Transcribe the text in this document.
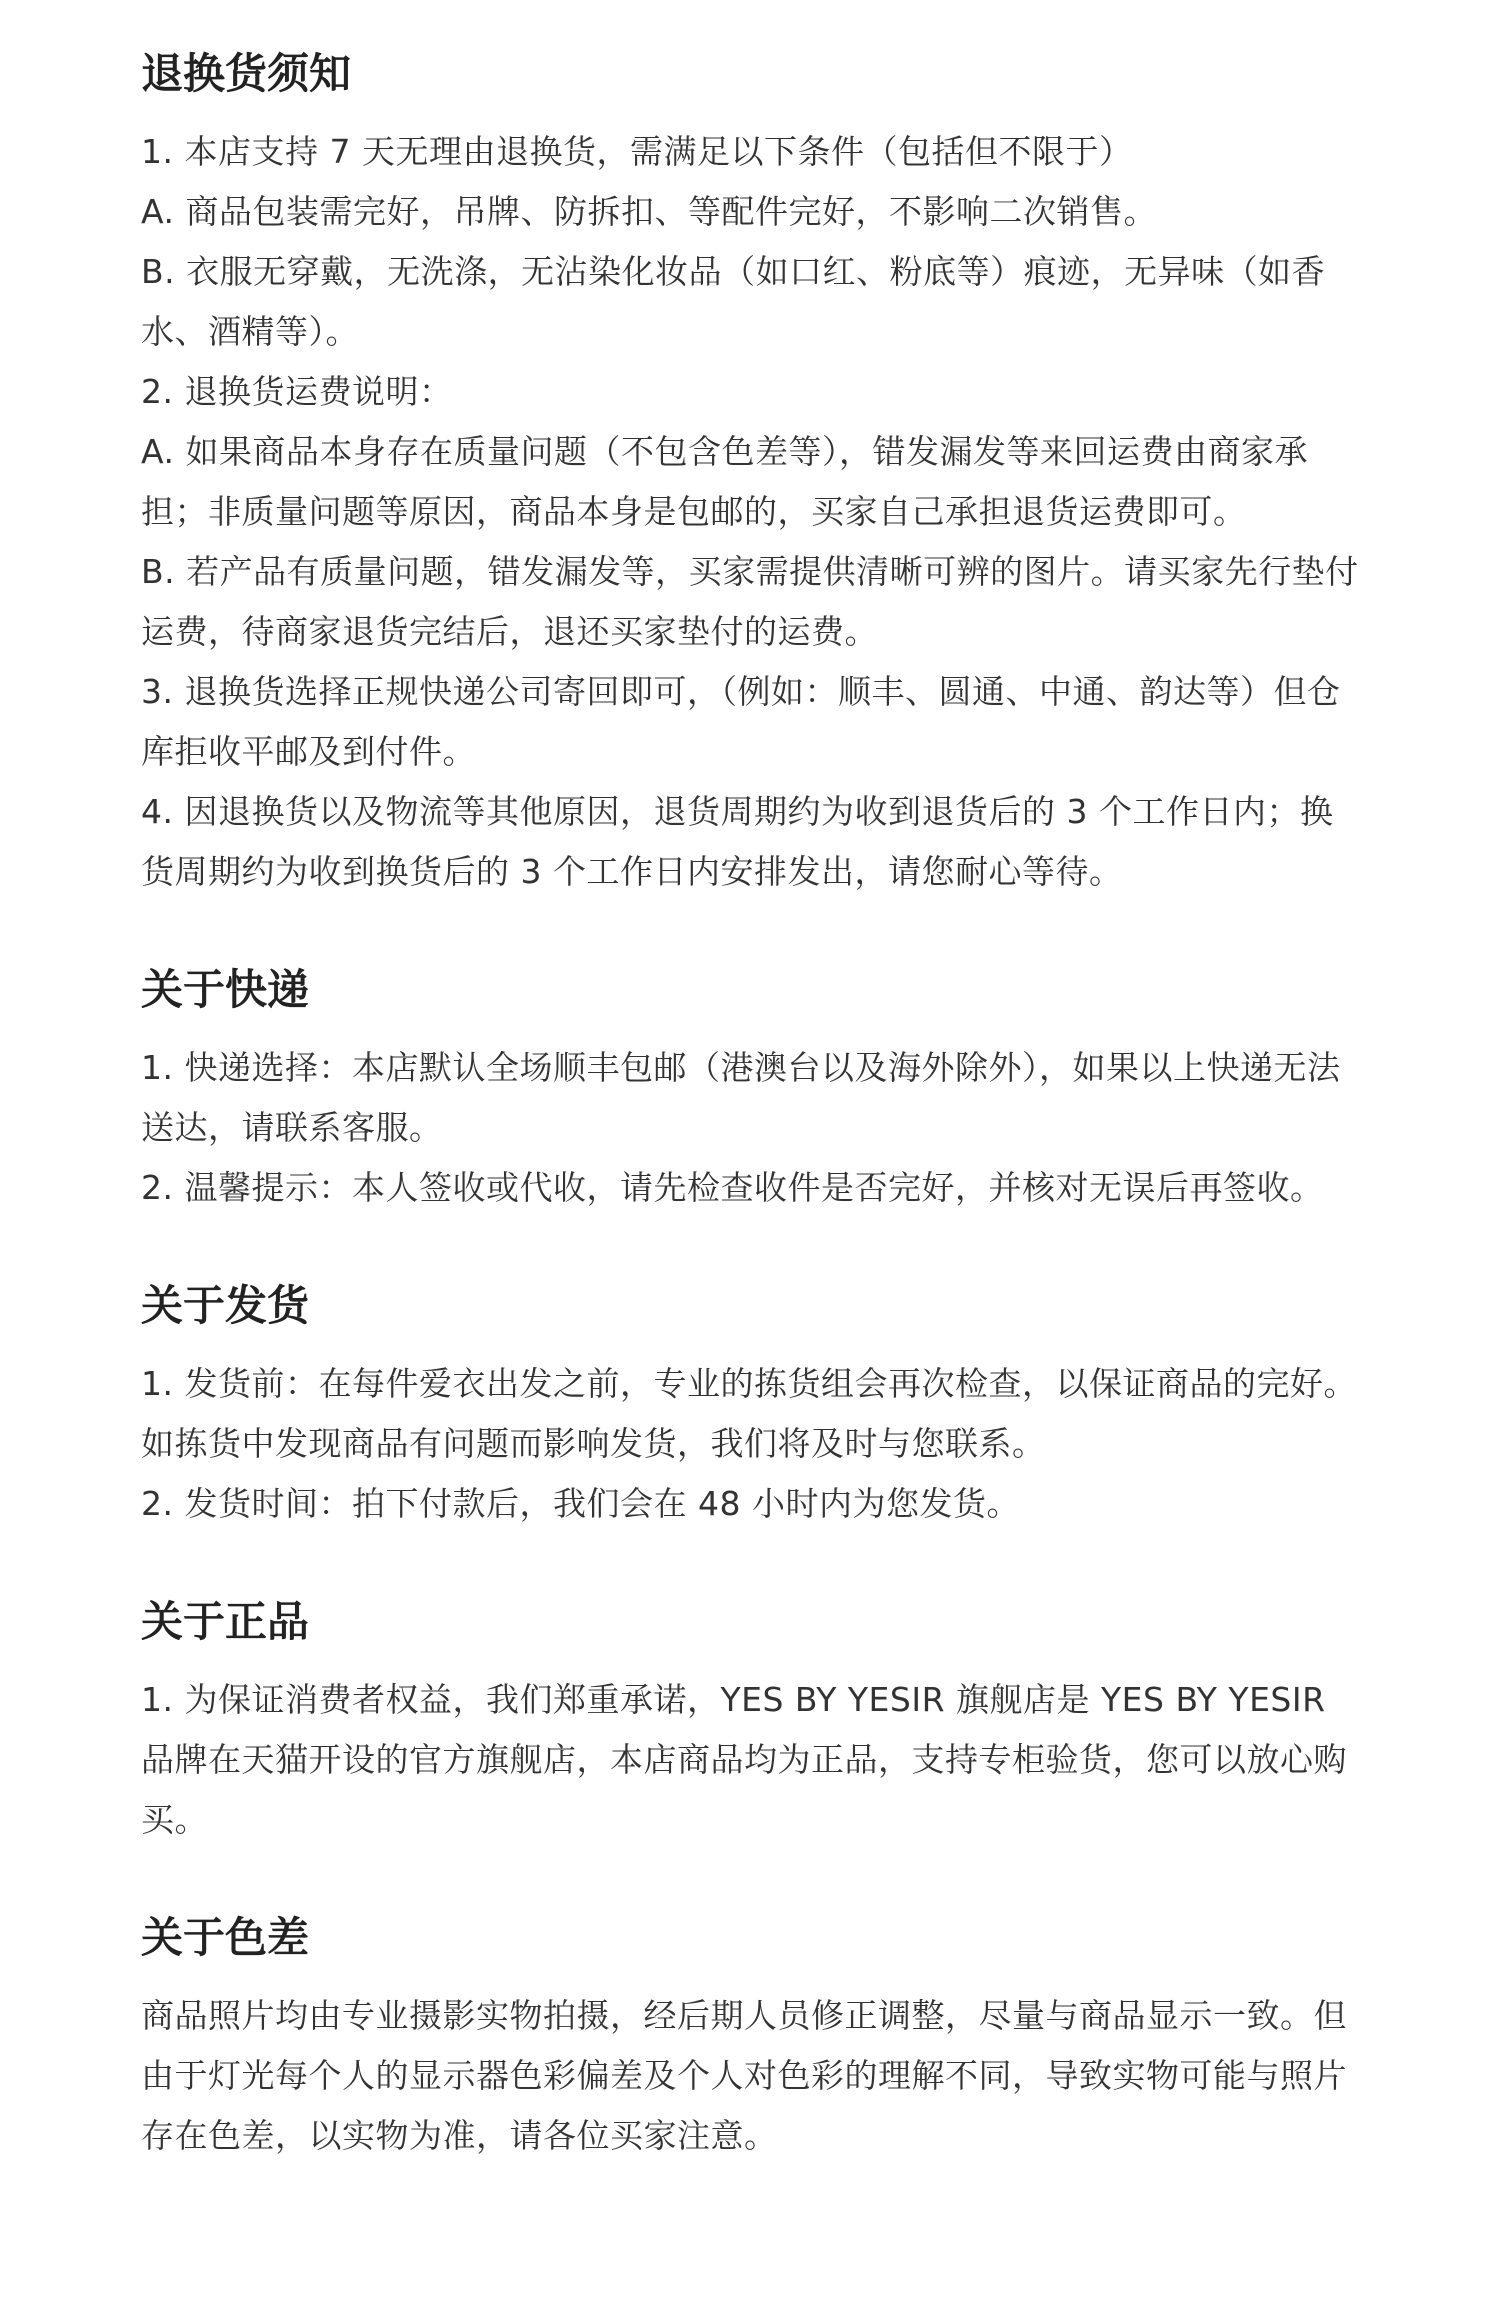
退换货须知

1. 本店支持 7 天无理由退换货，需满足以下条件（包括但不限于）

A. 商品包装需完好，吊牌、防拆扣、等配件完好，不影响二次销售。

B. 衣服无穿戴，无洗涤，无沾染化妆品（如口红、粉底等）痕迹，无异味（如香水、酒精等）。

2. 退换货运费说明：

A. 如果商品本身存在质量问题（不包含色差等），错发漏发等来回运费由商家承担；非质量问题等原因，商品本身是包邮的，买家自己承担退货运费即可。

B. 若产品有质量问题，错发漏发等，买家需提供清晰可辨的图片。请买家先行垫付运费，待商家退货完结后，退还买家垫付的运费。

3. 退换货选择正规快递公司寄回即可，（例如：顺丰、圆通、中通、韵达等）但仓库拒收平邮及到付件。

4. 因退换货以及物流等其他原因，退货周期约为收到退货后的 3 个工作日内；换货周期约为收到换货后的 3 个工作日内安排发出，请您耐心等待。

关于快递

1. 快递选择：本店默认全场顺丰包邮（港澳台以及海外除外），如果以上快递无法送达，请联系客服。

2. 温馨提示：本人签收或代收，请先检查收件是否完好，并核对无误后再签收。

关于发货

1. 发货前：在每件爱衣出发之前，专业的拣货组会再次检查，以保证商品的完好。如拣货中发现商品有问题而影响发货，我们将及时与您联系。

2. 发货时间：拍下付款后，我们会在 48 小时内为您发货。

关于正品

1. 为保证消费者权益，我们郑重承诺，YES BY YESIR 旗舰店是 YES BY YESIR 品牌在天猫开设的官方旗舰店，本店商品均为正品，支持专柜验货，您可以放心购买。

关于色差

商品照片均由专业摄影实物拍摄，经后期人员修正调整，尽量与商品显示一致。但由于灯光每个人的显示器色彩偏差及个人对色彩的理解不同，导致实物可能与照片存在色差，以实物为准，请各位买家注意。
